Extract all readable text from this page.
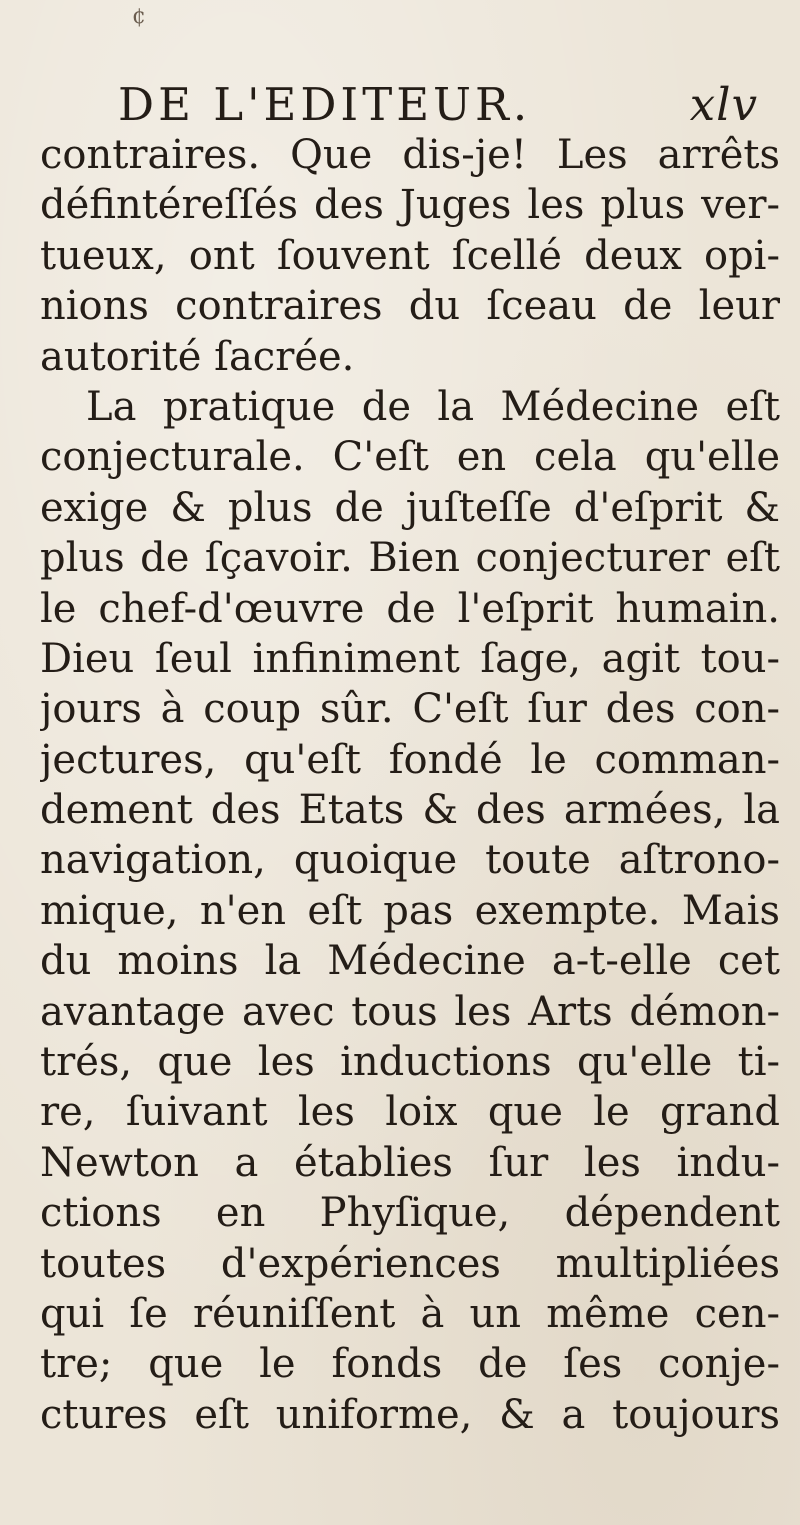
¢
DE L'EDITEUR.	xlv
contraires. Que dis-je! Les arrêts
défintéreſſés des Juges les plus ver-
tueux, ont ſouvent ſcellé deux opi-
nions contraires du ſceau de leur
autorité ſacrée.
La pratique de la Médecine eſt
conjecturale. C'eſt en cela qu'elle
exige & plus de juſteſſe d'eſprit &
plus de ſçavoir. Bien conjecturer eſt
le chef-d'œuvre de l'eſprit humain.
Dieu ſeul infiniment ſage, agit tou-
jours à coup sûr. C'eſt ſur des con-
jectures, qu'eſt fondé le comman-
dement des Etats & des armées, la
navigation, quoique toute aſtrono-
mique, n'en eſt pas exempte. Mais
du moins la Médecine a-t-elle cet
avantage avec tous les Arts démon-
trés, que les inductions qu'elle ti-
re, ſuivant les loix que le grand
Newton a établies ſur les indu-
ctions en Phyſique, dépendent
toutes d'expériences multipliées
qui ſe réuniſſent à un même cen-
tre; que le fonds de ſes conje-
ctures eſt uniforme, & a toujours
